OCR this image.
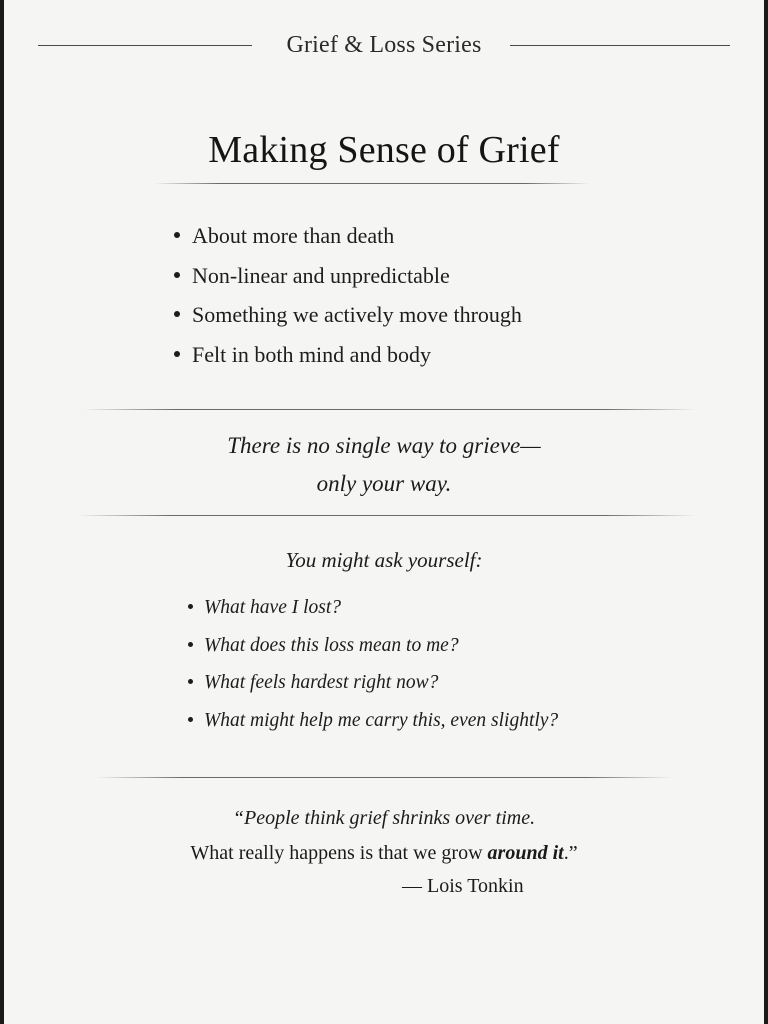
Grief & Loss Series
Making Sense of Grief
About more than death
Non-linear and unpredictable
Something we actively move through
Felt in both mind and body
There is no single way to grieve—
only your way.
You might ask yourself:
What have I lost?
What does this loss mean to me?
What feels hardest right now?
What might help me carry this, even slightly?
“People think grief shrinks over time.
What really happens is that we grow around it.”
— Lois Tonkin
